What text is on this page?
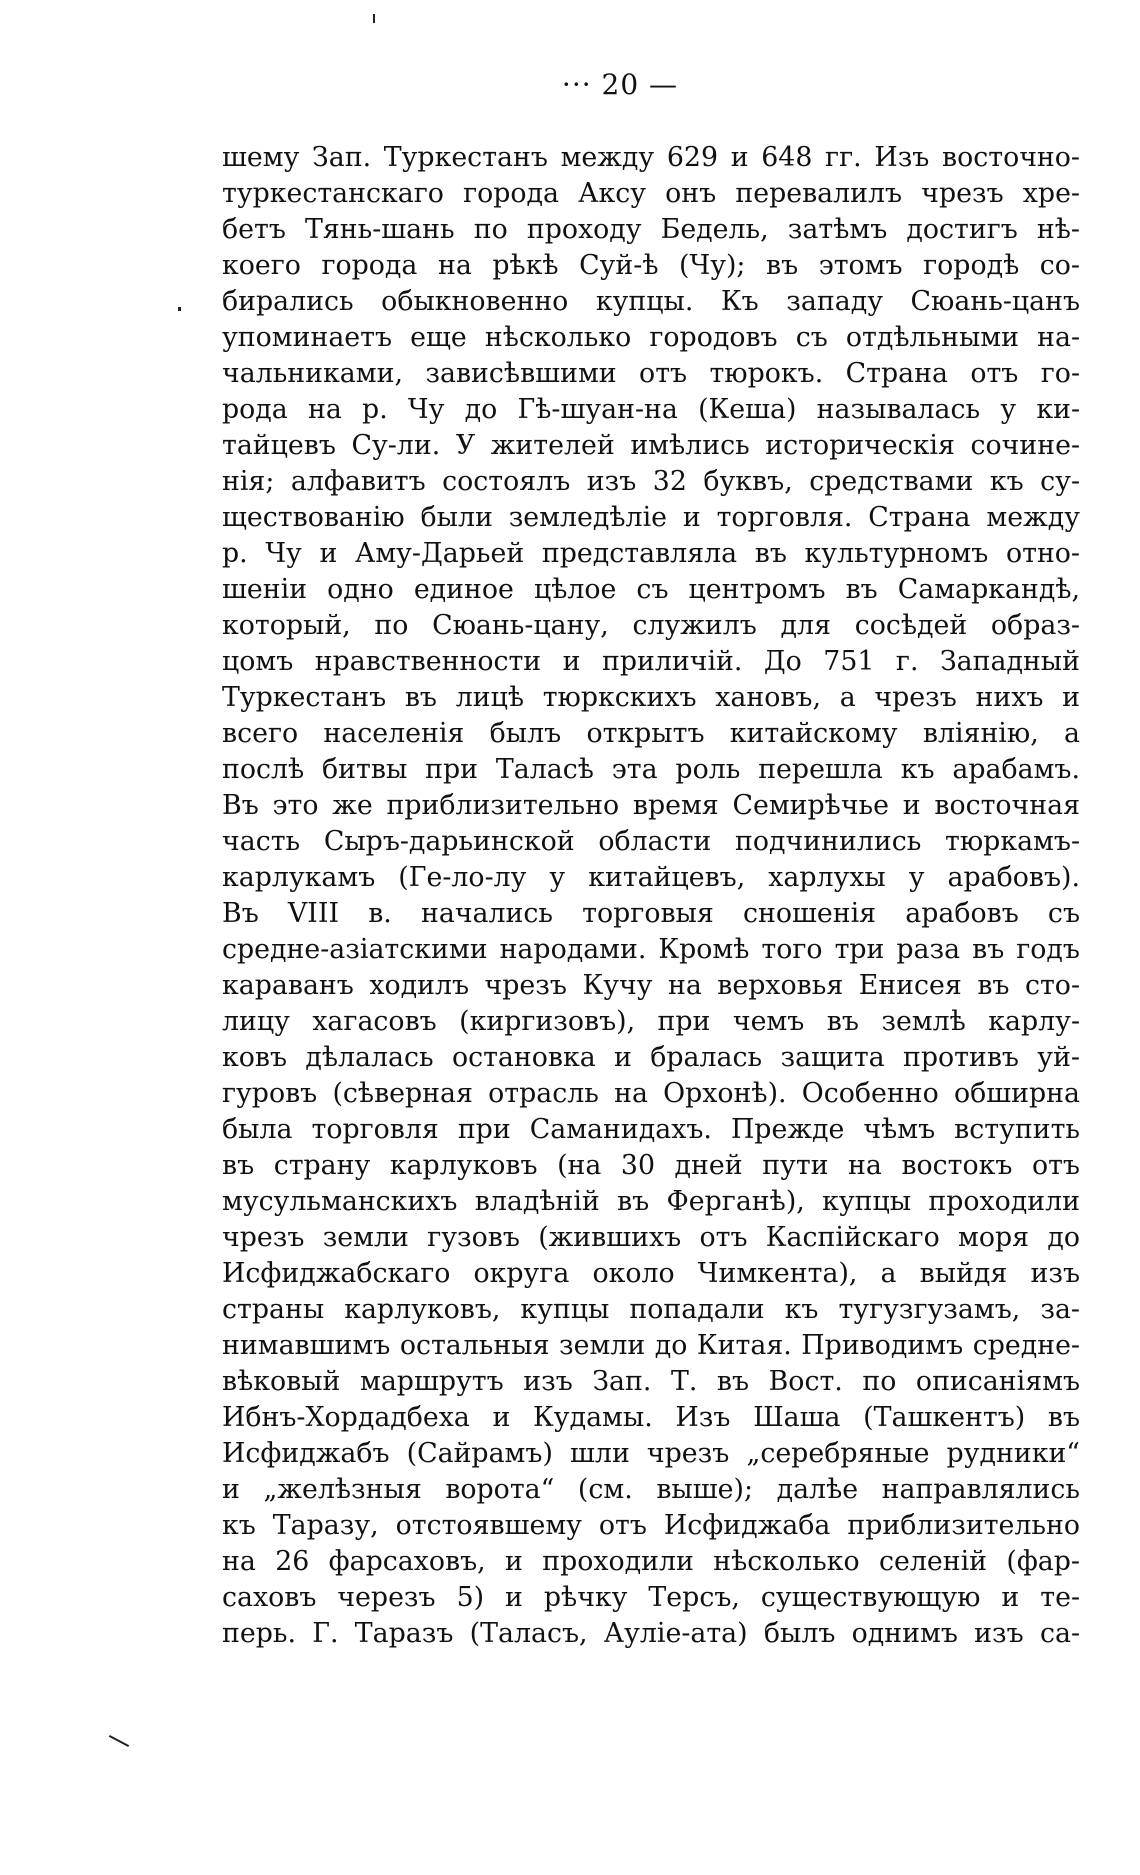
··· 20 —
шему Зап. Туркестанъ между 629 и 648 гг. Изъ восточно-
туркестанскаго города Аксу онъ перевалилъ чрезъ хре-
бетъ Тянь-шань по проходу Бедель, затѣмъ достигъ нѣ-
коего города на рѣкѣ Суй-ѣ (Чу); въ этомъ городѣ со-
бирались обыкновенно купцы. Къ западу Сюань-цанъ
упоминаетъ еще нѣсколько городовъ съ отдѣльными на-
чальниками, зависѣвшими отъ тюрокъ. Страна отъ го-
рода на р. Чу до Гѣ-шуан-на (Кеша) называлась у ки-
тайцевъ Су-ли. У жителей имѣлись историческія сочине-
нія; алфавитъ состоялъ изъ 32 буквъ, средствами къ су-
ществованію были земледѣліе и торговля. Страна между
р. Чу и Аму-Дарьей представляла въ культурномъ отно-
шеніи одно единое цѣлое съ центромъ въ Самаркандѣ,
который, по Сюань-цану, служилъ для сосѣдей образ-
цомъ нравственности и приличій. До 751 г. Западный
Туркестанъ въ лицѣ тюркскихъ хановъ, а чрезъ нихъ и
всего населенія былъ открытъ китайскому вліянію, а
послѣ битвы при Таласѣ эта роль перешла къ арабамъ.
Въ это же приблизительно время Семирѣчье и восточная
часть Сыръ-дарьинской области подчинились тюркамъ-
карлукамъ (Ге-ло-лу у китайцевъ, харлухы у арабовъ).
Въ VIII в. начались торговыя сношенія арабовъ съ
средне-азіатскими народами. Кромѣ того три раза въ годъ
караванъ ходилъ чрезъ Кучу на верховья Енисея въ сто-
лицу хагасовъ (киргизовъ), при чемъ въ землѣ карлу-
ковъ дѣлалась остановка и бралась защита противъ уй-
гуровъ (сѣверная отрасль на Орхонѣ). Особенно обширна
была торговля при Саманидахъ. Прежде чѣмъ вступить
въ страну карлуковъ (на 30 дней пути на востокъ отъ
мусульманскихъ владѣній въ Ферганѣ), купцы проходили
чрезъ земли гузовъ (жившихъ отъ Каспійскаго моря до
Исфиджабскаго округа около Чимкента), а выйдя изъ
страны карлуковъ, купцы попадали къ тугузгузамъ, за-
нимавшимъ остальныя земли до Китая. Приводимъ средне-
вѣковый маршрутъ изъ Зап. Т. въ Вост. по описаніямъ
Ибнъ-Хордадбеха и Кудамы. Изъ Шаша (Ташкентъ) въ
Исфиджабъ (Сайрамъ) шли чрезъ „серебряные рудники“
и „желѣзныя ворота“ (см. выше); далѣе направлялись
къ Таразу, отстоявшему отъ Исфиджаба приблизительно
на 26 фарсаховъ, и проходили нѣсколько селеній (фар-
саховъ черезъ 5) и рѣчку Терсъ, существующую и те-
перь. Г. Таразъ (Таласъ, Ауліе-ата) былъ однимъ изъ са-
